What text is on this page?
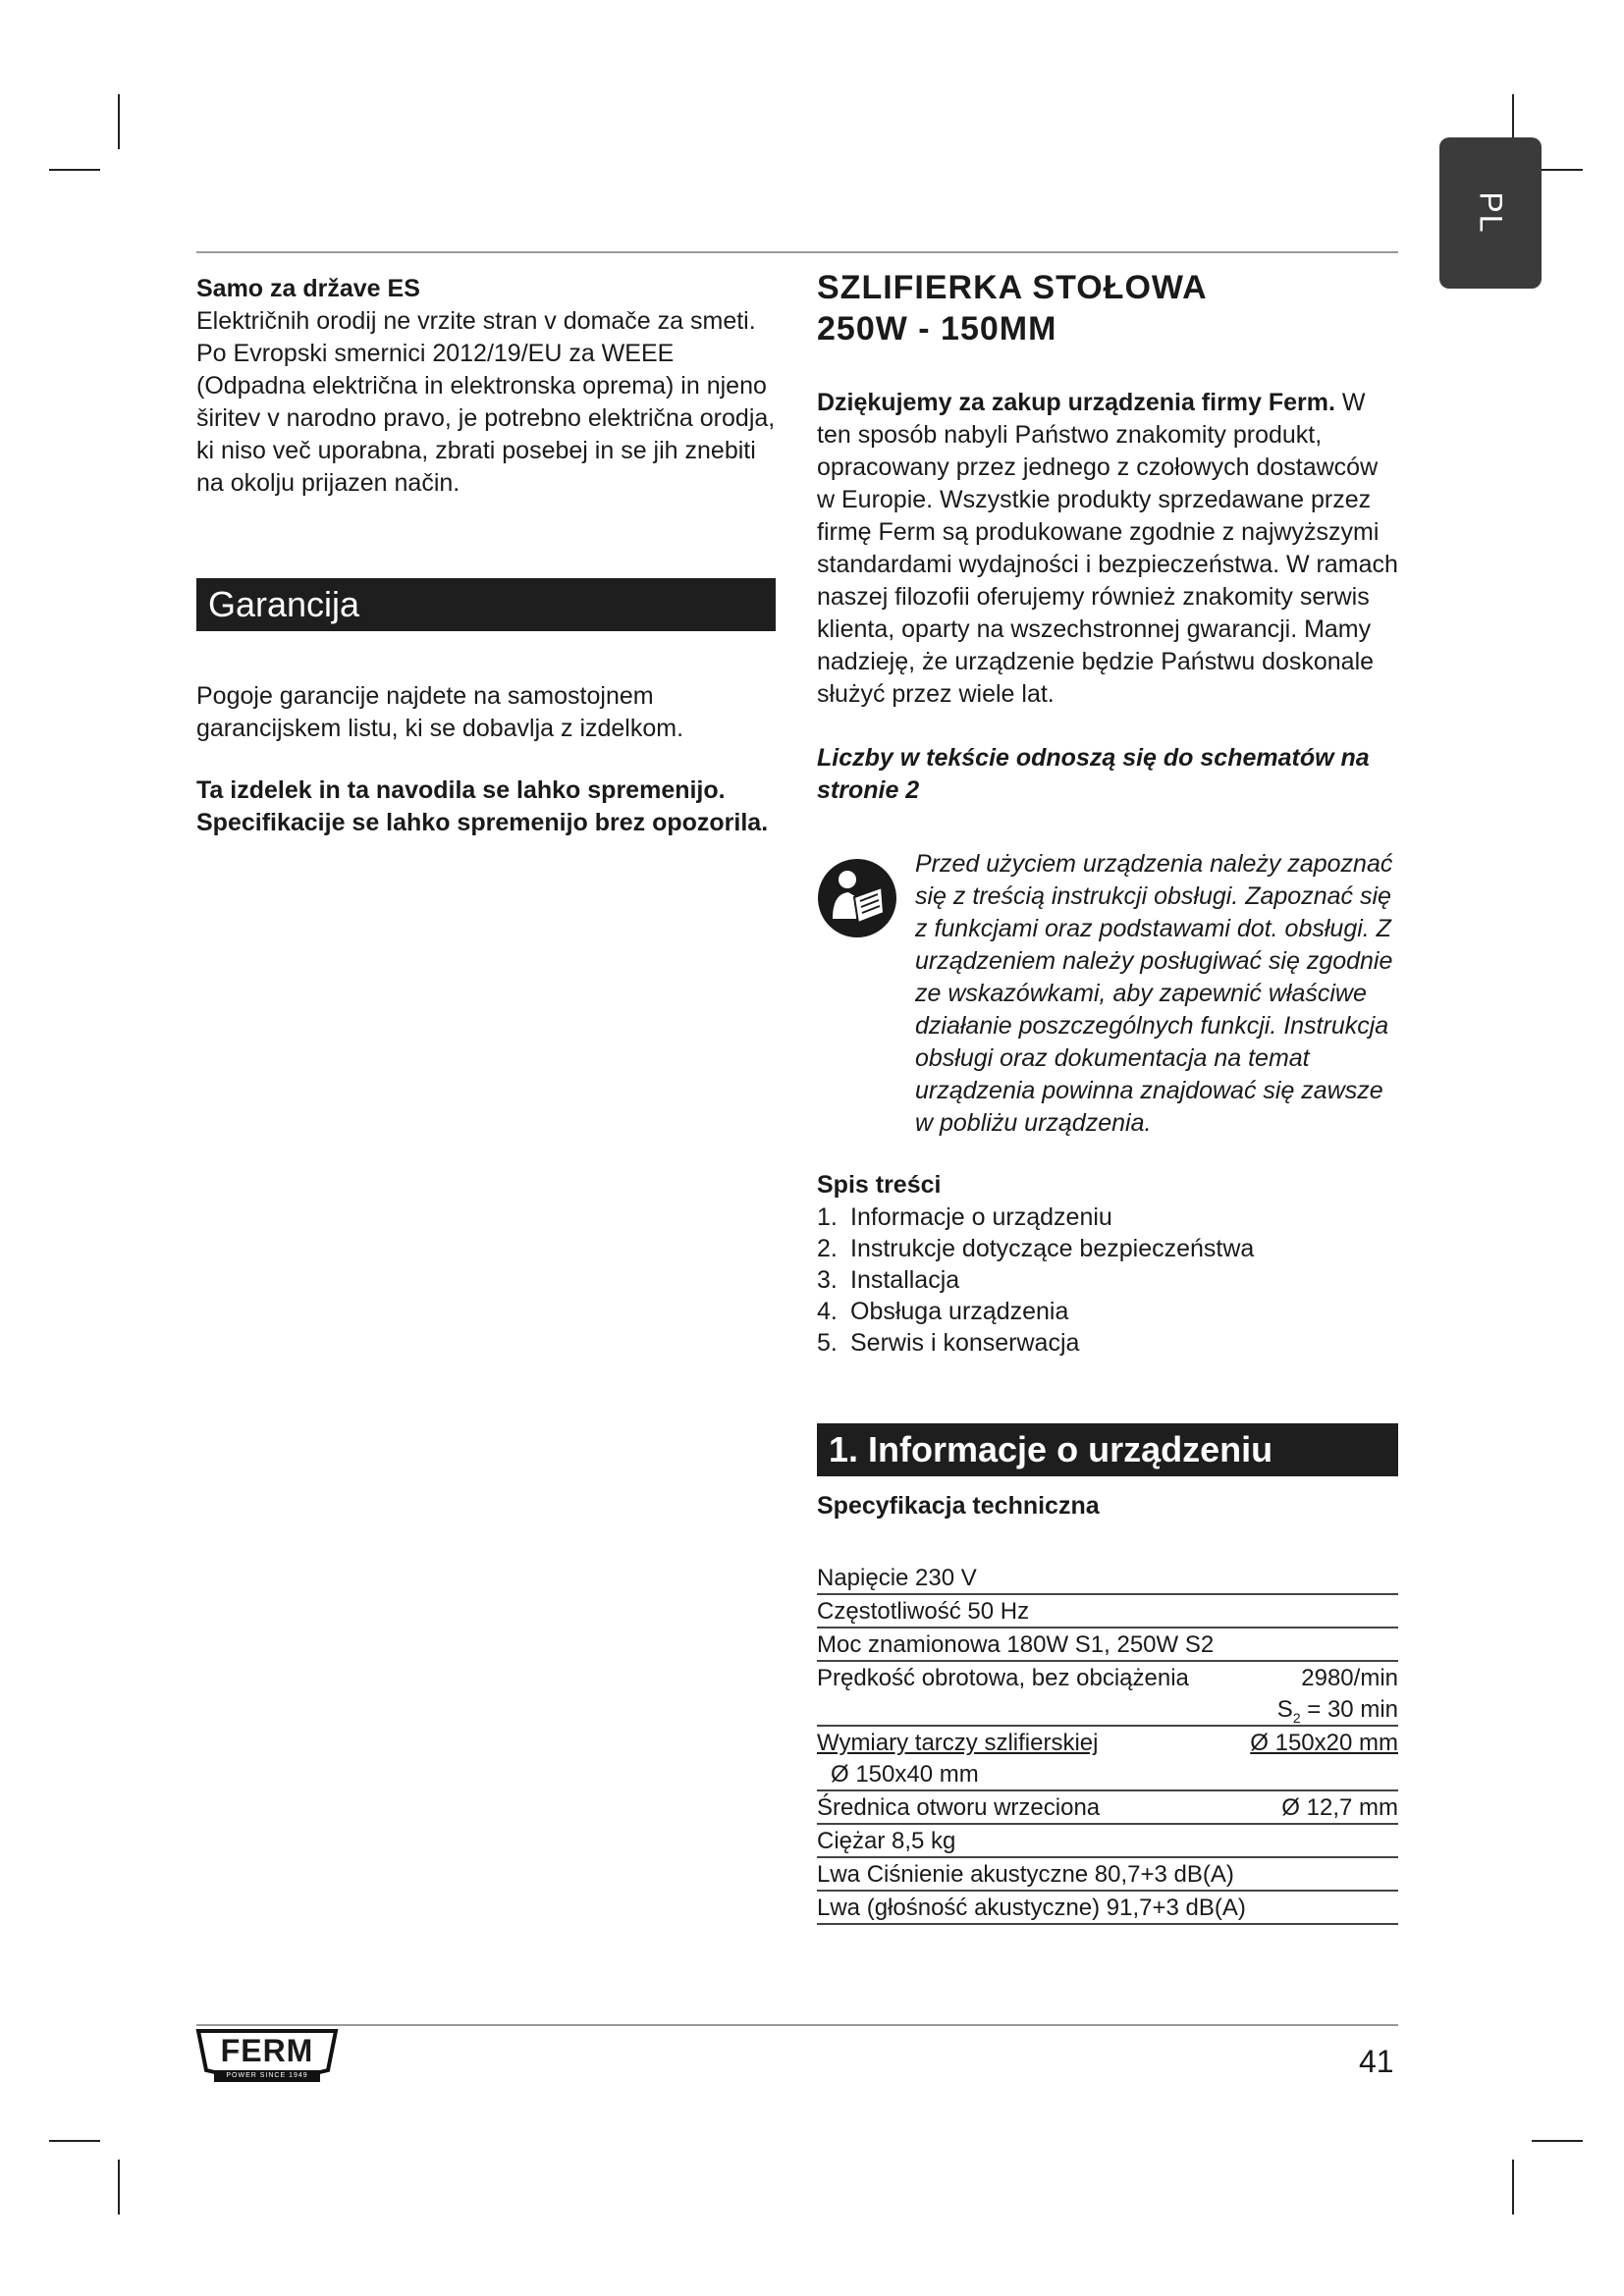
PL

Samo za države ES

Električnih orodij ne vrzite stran v domače za smeti. Po Evropski smernici 2012/19/EU za WEEE (Odpadna električna in elektronska oprema) in njeno širitev v narodno pravo, je potrebno električna orodja, ki niso več uporabna, zbrati posebej in se jih znebiti na okolju prijazen način.

Garancija

Pogoje garancije najdete na samostojnem garancijskem listu, ki se dobavlja z izdelkom.

Ta izdelek in ta navodila se lahko spremenijo. Specifikacije se lahko spremenijo brez opozorila.

SZLIFIERKA STOŁOWA

250W - 150MM

Dziękujemy za zakup urządzenia firmy Ferm. W ten sposób nabyli Państwo znakomity produkt, opracowany przez jednego z czołowych dostawców w Europie. Wszystkie produkty sprzedawane przez firmę Ferm są produkowane zgodnie z najwyższymi standardami wydajności i bezpieczeństwa. W ramach naszej filozofii oferujemy również znakomity serwis klienta, oparty na wszechstronnej gwarancji. Mamy nadzieję, że urządzenie będzie Państwu doskonale służyć przez wiele lat.

Liczby w tekście odnoszą się do schematów na stronie 2

Przed użyciem urządzenia należy zapoznać się z treścią instrukcji obsługi. Zapoznać się z funkcjami oraz podstawami dot. obsługi. Z urządzeniem należy posługiwać się zgodnie ze wskazówkami, aby zapewnić właściwe działanie poszczególnych funkcji. Instrukcja obsługi oraz dokumentacja na temat urządzenia powinna znajdować się zawsze w pobliżu urządzenia.

Spis treści

1. Informacje o urządzeniu
2. Instrukcje dotyczące bezpieczeństwa
3. Installacja
4. Obsługa urządzenia
5. Serwis i konserwacja
1. Informacje o urządzeniu

Specyfikacja techniczna

Napięcie 230 V
Częstotliwość 50 Hz
Moc znamionowa 180W S1, 250W S2
Prędkość obrotowa, bez obciążenia	2980/min
$S_2 = 30$ min
Wymiary tarczy szlifierskiej	Ø 150x20 mm
Ø 150x40 mm
Średnica otworu wrzeciona	Ø 12,7 mm
Ciężar 8,5 kg
Lwa Ciśnienie akustyczne 80,7+3 dB(A)
Lwa (głośność akustyczne) 91,7+3 dB(A)
FERM
POWER SINCE 1949	41
